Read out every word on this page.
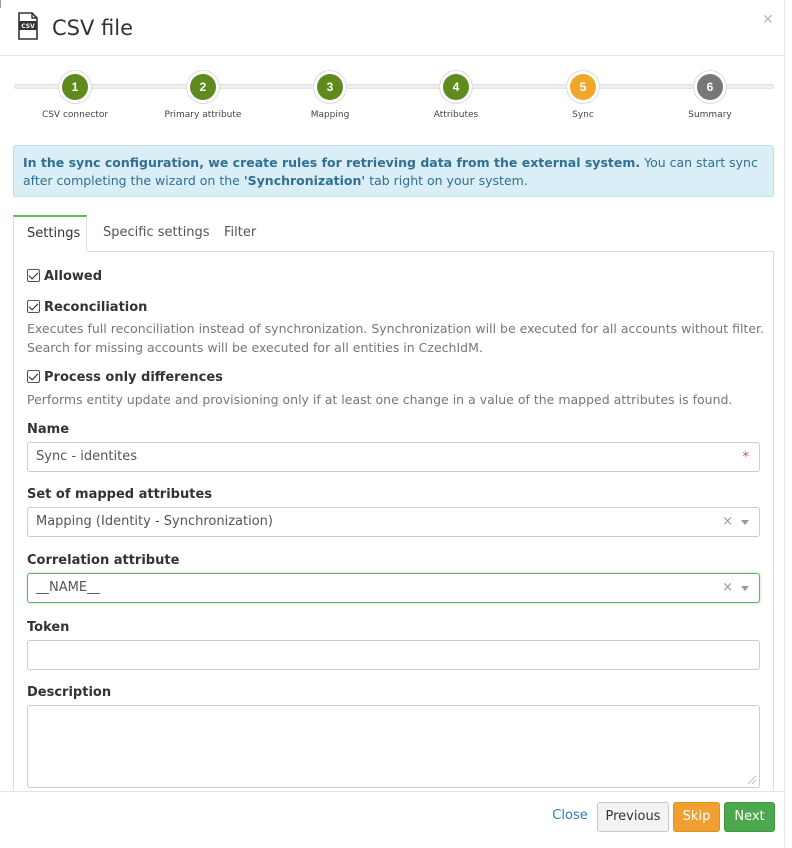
CSV CSV file	✕
1
CSV connector
2
Primary attribute
3
Mapping
4
Attributes
5
Sync
6
Summary
In the sync configuration, we create rules for retrieving data from the external system. You can start sync after completing the wizard on the 'Synchronization' tab right on your system.
Settings	Specific settings	Filter
Allowed
Reconciliation
Executes full reconciliation instead of synchronization. Synchronization will be executed for all accounts without filter. Search for missing accounts will be executed for all entities in CzechIdM.
Process only differences
Performs entity update and provisioning only if at least one change in a value of the mapped attributes is found.
Name
Sync - identites	*
Set of mapped attributes
Mapping (Identity - Synchronization)	×
Correlation attribute
__NAME__	×
Token
Description
Close	Previous	Skip	Next
